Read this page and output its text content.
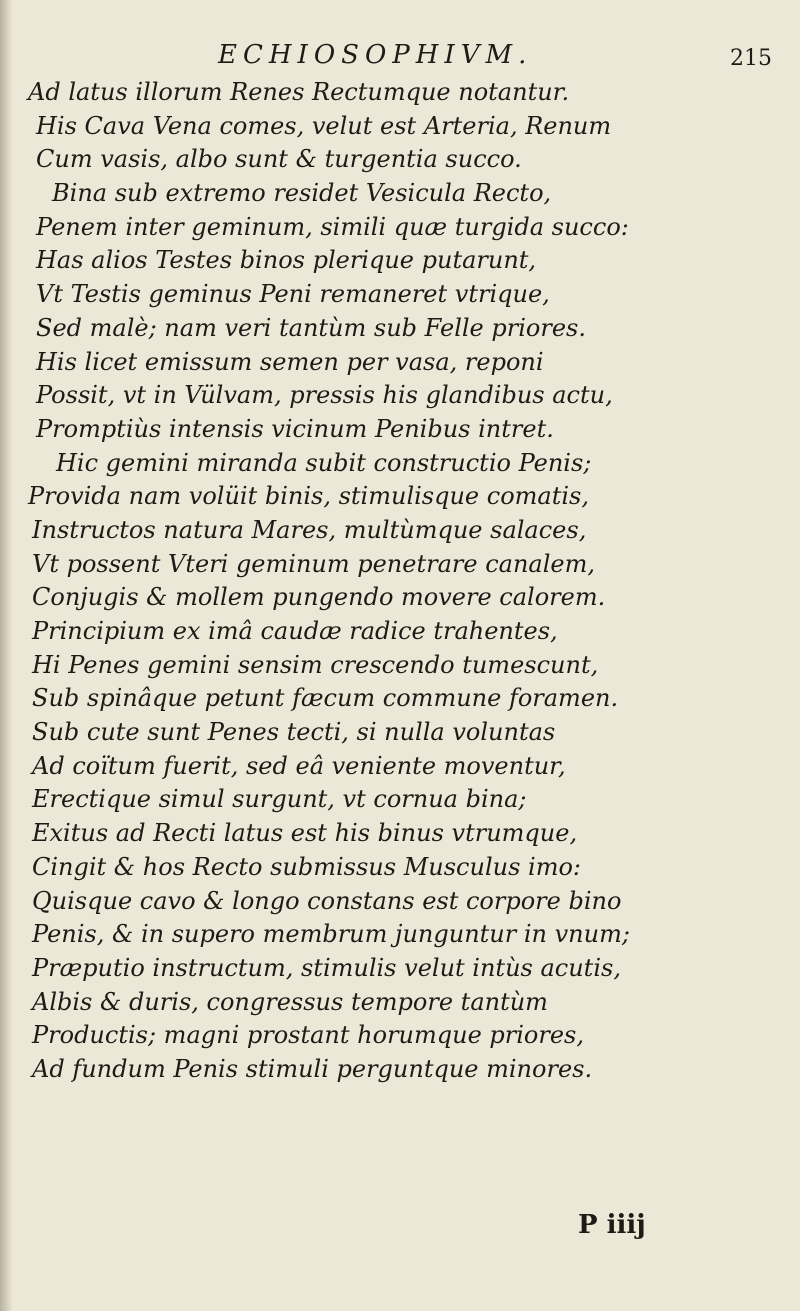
ECHIOSOPHIVM.	215
Ad latus illorum Renes Rectumque notantur.
His Cava Vena comes, velut est Arteria, Renum
Cum vasis, albo sunt & turgentia succo.
Bina sub extremo residet Vesicula Recto,
Penem inter geminum, simili quæ turgida succo:
Has alios Testes binos plerique putarunt,
Vt Testis geminus Peni remaneret vtrique,
Sed malè; nam veri tantùm sub Felle priores.
His licet emissum semen per vasa, reponi
Possit, vt in Vülvam, pressis his glandibus actu,
Promptiùs intensis vicinum Penibus intret.
Hic gemini miranda subit constructio Penis;
Provida nam volüit binis, stimulisque comatis,
Instructos natura Mares, multùmque salaces,
Vt possent Vteri geminum penetrare canalem,
Conjugis & mollem pungendo movere calorem.
Principium ex imâ caudæ radice trahentes,
Hi Penes gemini sensim crescendo tumescunt,
Sub spinâque petunt fæcum commune foramen.
Sub cute sunt Penes tecti, si nulla voluntas
Ad coïtum fuerit, sed eâ veniente moventur,
Erectique simul surgunt, vt cornua bina;
Exitus ad Recti latus est his binus vtrumque,
Cingit & hos Recto submissus Musculus imo:
Quisque cavo & longo constans est corpore bino
Penis, & in supero membrum junguntur in vnum;
Præputio instructum, stimulis velut intùs acutis,
Albis & duris, congressus tempore tantùm
Productis; magni prostant horumque priores,
Ad fundum Penis stimuli perguntque minores.
P iiij
